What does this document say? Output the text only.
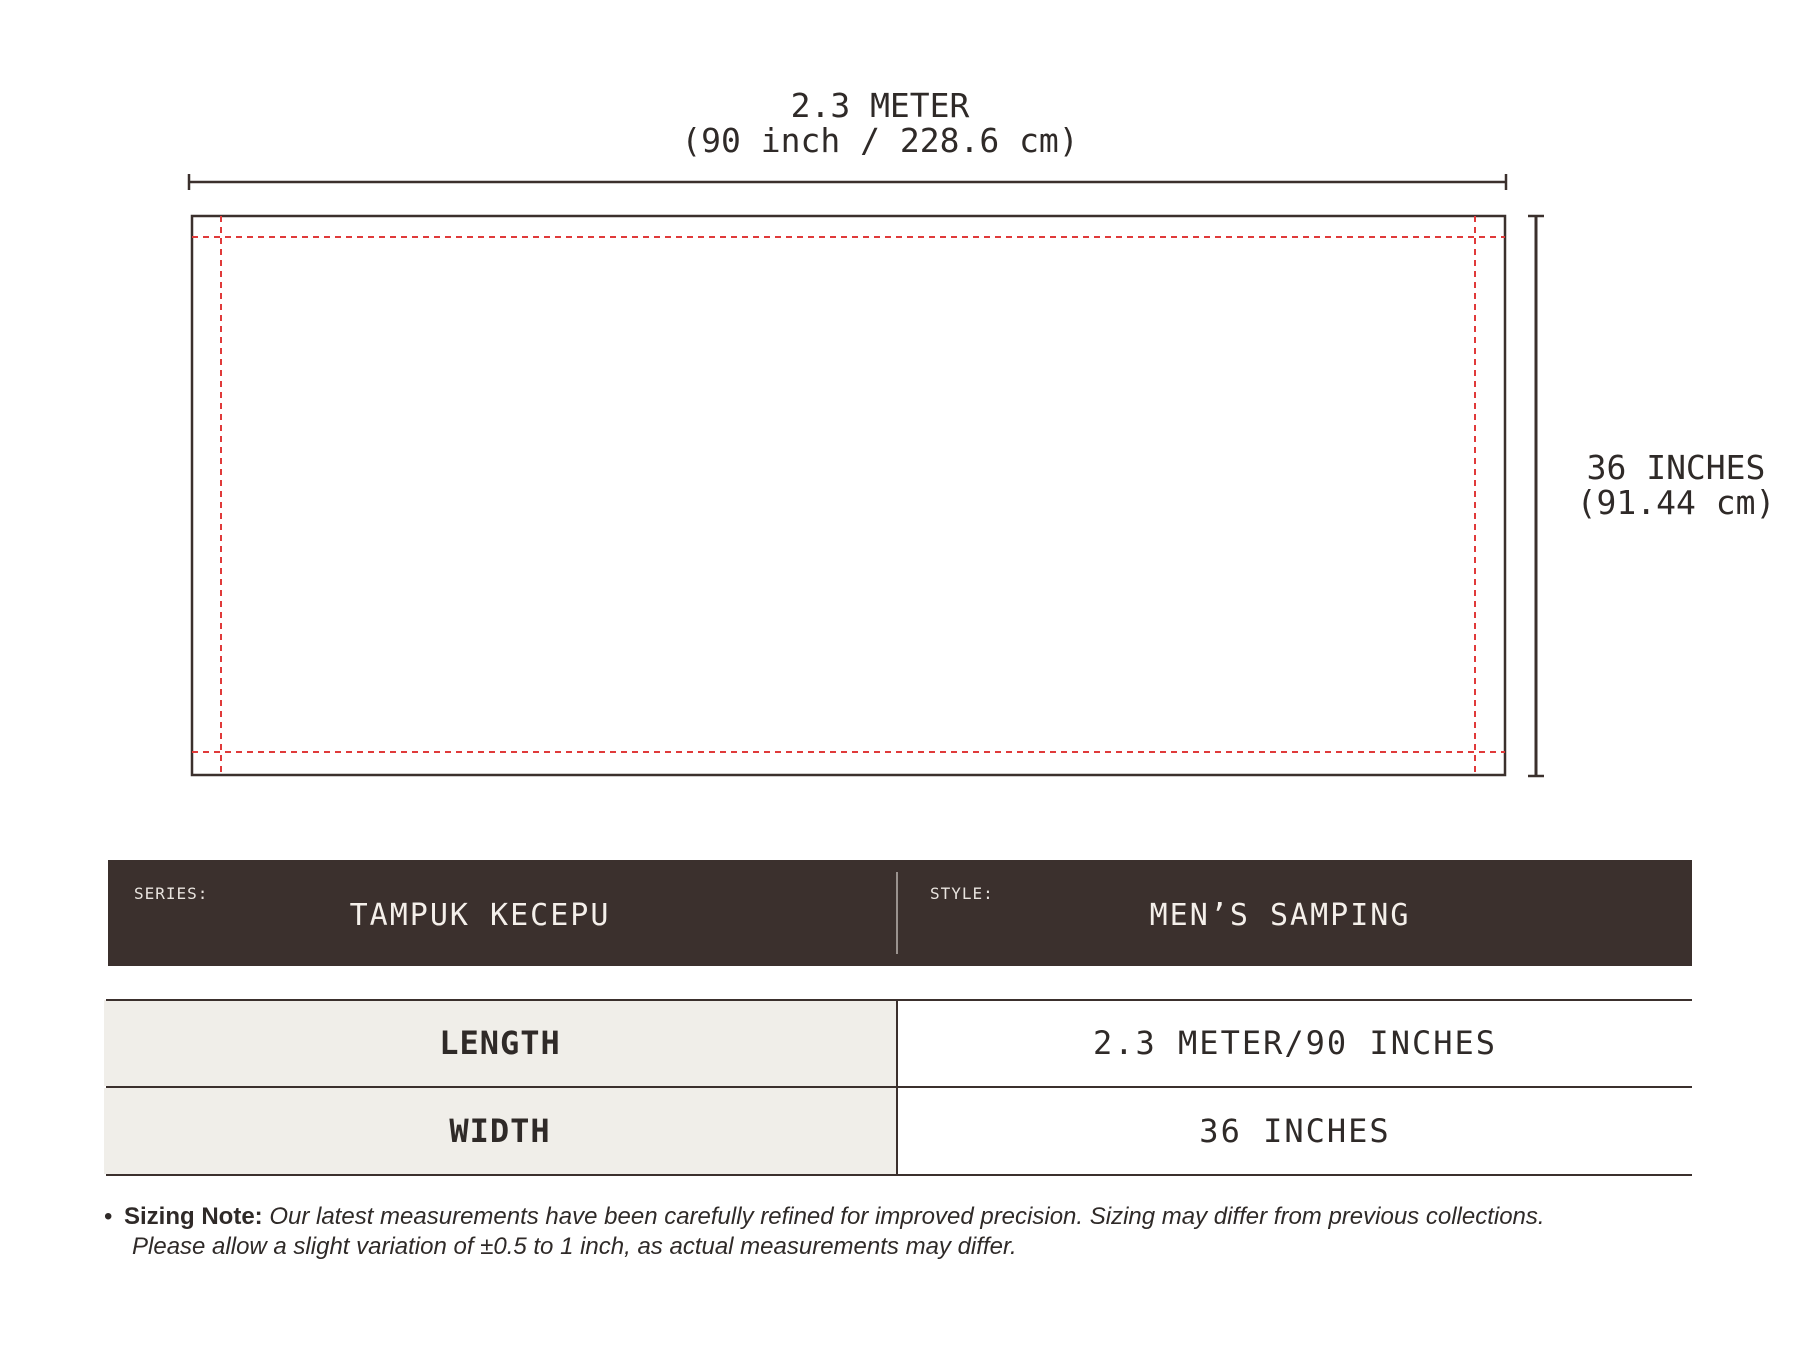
2.3 METER
(90 inch / 228.6 cm)
36 INCHES
(91.44 cm)
SERIES:
TAMPUK KECEPU
STYLE:
MEN’S SAMPING
LENGTH	2.3 METER/90 INCHES
WIDTH	36 INCHES
• Sizing Note: Our latest measurements have been carefully refined for improved precision. Sizing may differ from previous collections.
Please allow a slight variation of ±0.5 to 1 inch, as actual measurements may differ.
